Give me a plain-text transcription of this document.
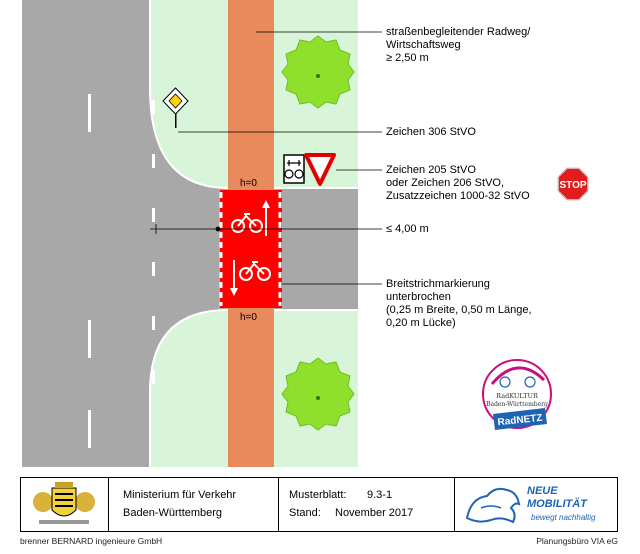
STOP
RadKULTUR
Baden-Württemberg
RadNETZ
straßenbegleitender Radweg/
Wirtschaftsweg
≥ 2,50 m
Zeichen 306 StVO
Zeichen 205 StVO
oder Zeichen 206 StVO,
Zusatzzeichen 1000-32 StVO
≤ 4,00 m
Breitstrichmarkierung
unterbrochen
(0,25 m Breite, 0,50 m Länge,
0,20 m Lücke)
h=0
h=0
Ministerium für Verkehr
Baden-Württemberg
Musterblatt: 9.3-1
Stand: November 2017
NEUE
MOBILITÄT
bewegt nachhaltig
brenner BERNARD ingenieure GmbH	Planungsbüro VIA eG
